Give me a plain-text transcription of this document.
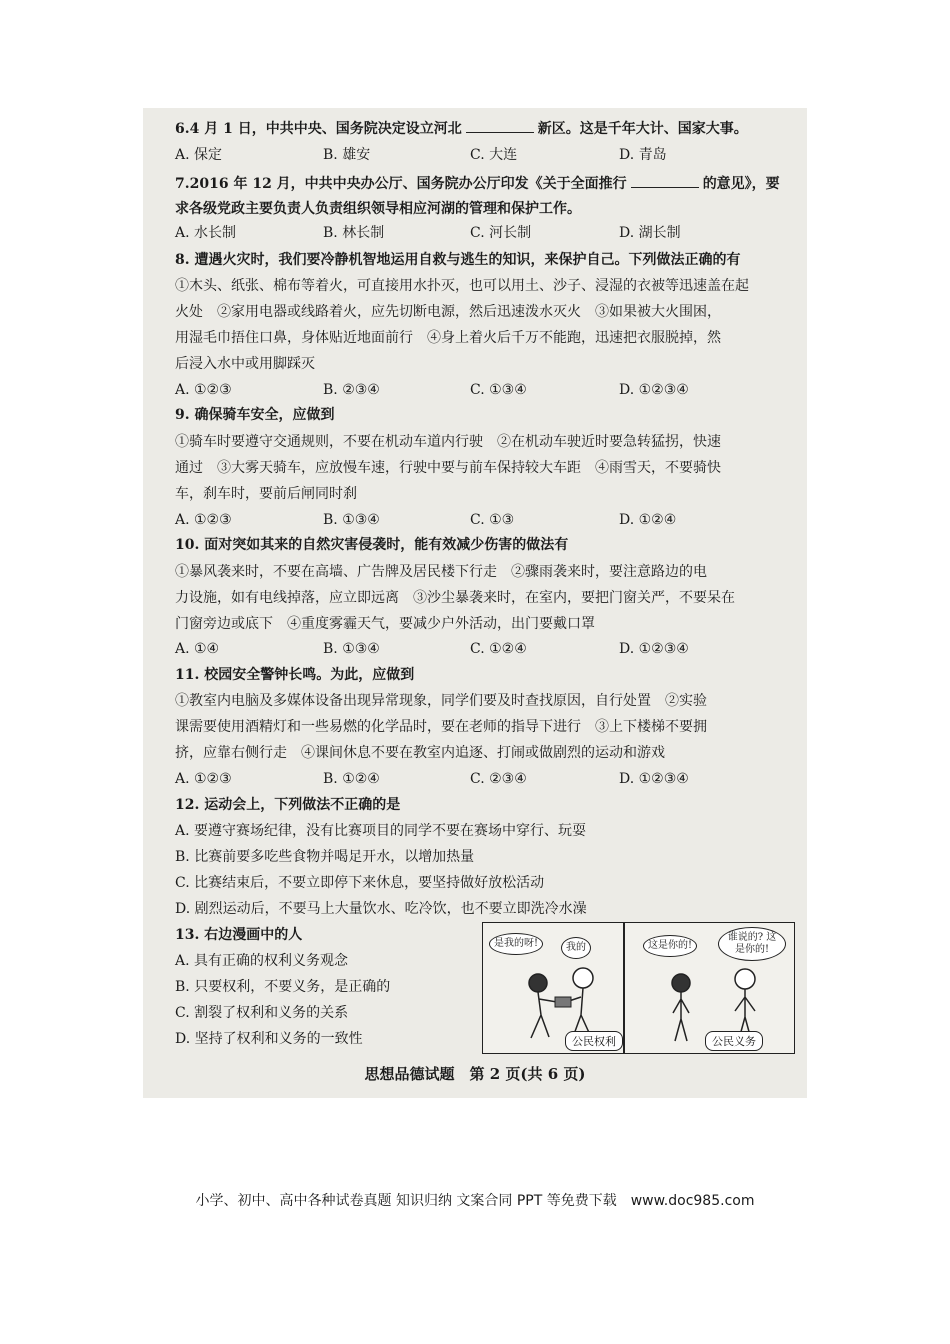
6.4 月 1 日，中共中央、国务院决定设立河北	新区。这是千年大计、国家大事。
A. 保定	B. 雄安	C. 大连	D. 青岛
7.2016 年 12 月，中共中央办公厅、国务院办公厅印发《关于全面推行	的意见》，要
求各级党政主要负责人负责组织领导相应河湖的管理和保护工作。
A. 水长制	B. 林长制	C. 河长制	D. 湖长制
8. 遭遇火灾时，我们要冷静机智地运用自救与逃生的知识，来保护自己。下列做法正确的有
①木头、纸张、棉布等着火，可直接用水扑灭，也可以用土、沙子、浸湿的衣被等迅速盖在起
火处　②家用电器或线路着火，应先切断电源，然后迅速泼水灭火　③如果被大火围困，
用湿毛巾捂住口鼻，身体贴近地面前行　④身上着火后千万不能跑，迅速把衣服脱掉，然
后浸入水中或用脚踩灭
A. ①②③	B. ②③④	C. ①③④	D. ①②③④
9. 确保骑车安全，应做到
①骑车时要遵守交通规则，不要在机动车道内行驶　②在机动车驶近时要急转猛拐，快速
通过　③大雾天骑车，应放慢车速，行驶中要与前车保持较大车距　④雨雪天，不要骑快
车，刹车时，要前后闸同时刹
A. ①②③	B. ①③④	C. ①③	D. ①②④
10. 面对突如其来的自然灾害侵袭时，能有效减少伤害的做法有
①暴风袭来时，不要在高墙、广告牌及居民楼下行走　②骤雨袭来时，要注意路边的电
力设施，如有电线掉落，应立即远离　③沙尘暴袭来时，在室内，要把门窗关严，不要呆在
门窗旁边或底下　④重度雾霾天气，要减少户外活动，出门要戴口罩
A. ①④	B. ①③④	C. ①②④	D. ①②③④
11. 校园安全警钟长鸣。为此，应做到
①教室内电脑及多媒体设备出现异常现象，同学们要及时查找原因，自行处置　②实验
课需要使用酒精灯和一些易燃的化学品时，要在老师的指导下进行　③上下楼梯不要拥
挤，应靠右侧行走　④课间休息不要在教室内追逐、打闹或做剧烈的运动和游戏
A. ①②③	B. ①②④	C. ②③④	D. ①②③④
12. 运动会上，下列做法不正确的是
A. 要遵守赛场纪律，没有比赛项目的同学不要在赛场中穿行、玩耍
B. 比赛前要多吃些食物并喝足开水，以增加热量
C. 比赛结束后，不要立即停下来休息，要坚持做好放松活动
D. 剧烈运动后，不要马上大量饮水、吃冷饮，也不要立即洗冷水澡
13. 右边漫画中的人
A. 具有正确的权利义务观念
B. 只要权利，不要义务，是正确的
C. 割裂了权利和义务的关系
D. 坚持了权利和义务的一致性
是我的呀!	我的	这是你的!
谁说的? 这是你的!
公民权利	公民义务
思想品德试题　第 2 页(共 6 页)
小学、初中、高中各种试卷真题 知识归纳 文案合同 PPT 等免费下载　www.doc985.com
